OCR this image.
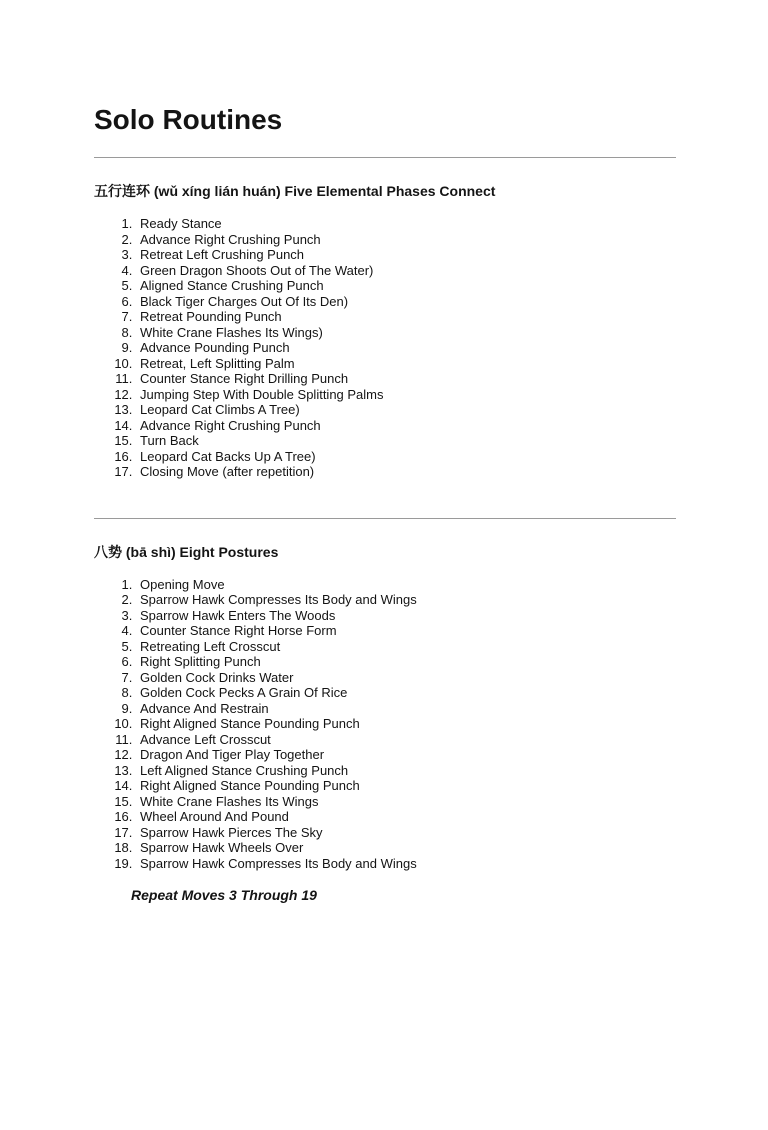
Solo Routines
五行连环 (wǔ xíng lián huán) Five Elemental Phases Connect
1. Ready Stance
2. Advance Right Crushing Punch
3. Retreat Left Crushing Punch
4. Green Dragon Shoots Out of The Water)
5. Aligned Stance Crushing Punch
6. Black Tiger Charges Out Of Its Den)
7. Retreat Pounding Punch
8. White Crane Flashes Its Wings)
9. Advance Pounding Punch
10. Retreat, Left Splitting Palm
11. Counter Stance Right Drilling Punch
12. Jumping Step With Double Splitting Palms
13. Leopard Cat Climbs A Tree)
14. Advance Right Crushing Punch
15. Turn Back
16. Leopard Cat Backs Up A Tree)
17. Closing Move (after repetition)
八势 (bā shì) Eight Postures
1. Opening Move
2. Sparrow Hawk Compresses Its Body and Wings
3. Sparrow Hawk Enters The Woods
4. Counter Stance Right Horse Form
5. Retreating Left Crosscut
6. Right Splitting Punch
7. Golden Cock Drinks Water
8. Golden Cock Pecks A Grain Of Rice
9. Advance And Restrain
10. Right Aligned Stance Pounding Punch
11. Advance Left Crosscut
12. Dragon And Tiger Play Together
13. Left Aligned Stance Crushing Punch
14. Right Aligned Stance Pounding Punch
15. White Crane Flashes Its Wings
16. Wheel Around And Pound
17. Sparrow Hawk Pierces The Sky
18. Sparrow Hawk Wheels Over
19. Sparrow Hawk Compresses Its Body and Wings

Repeat Moves 3 Through 19
